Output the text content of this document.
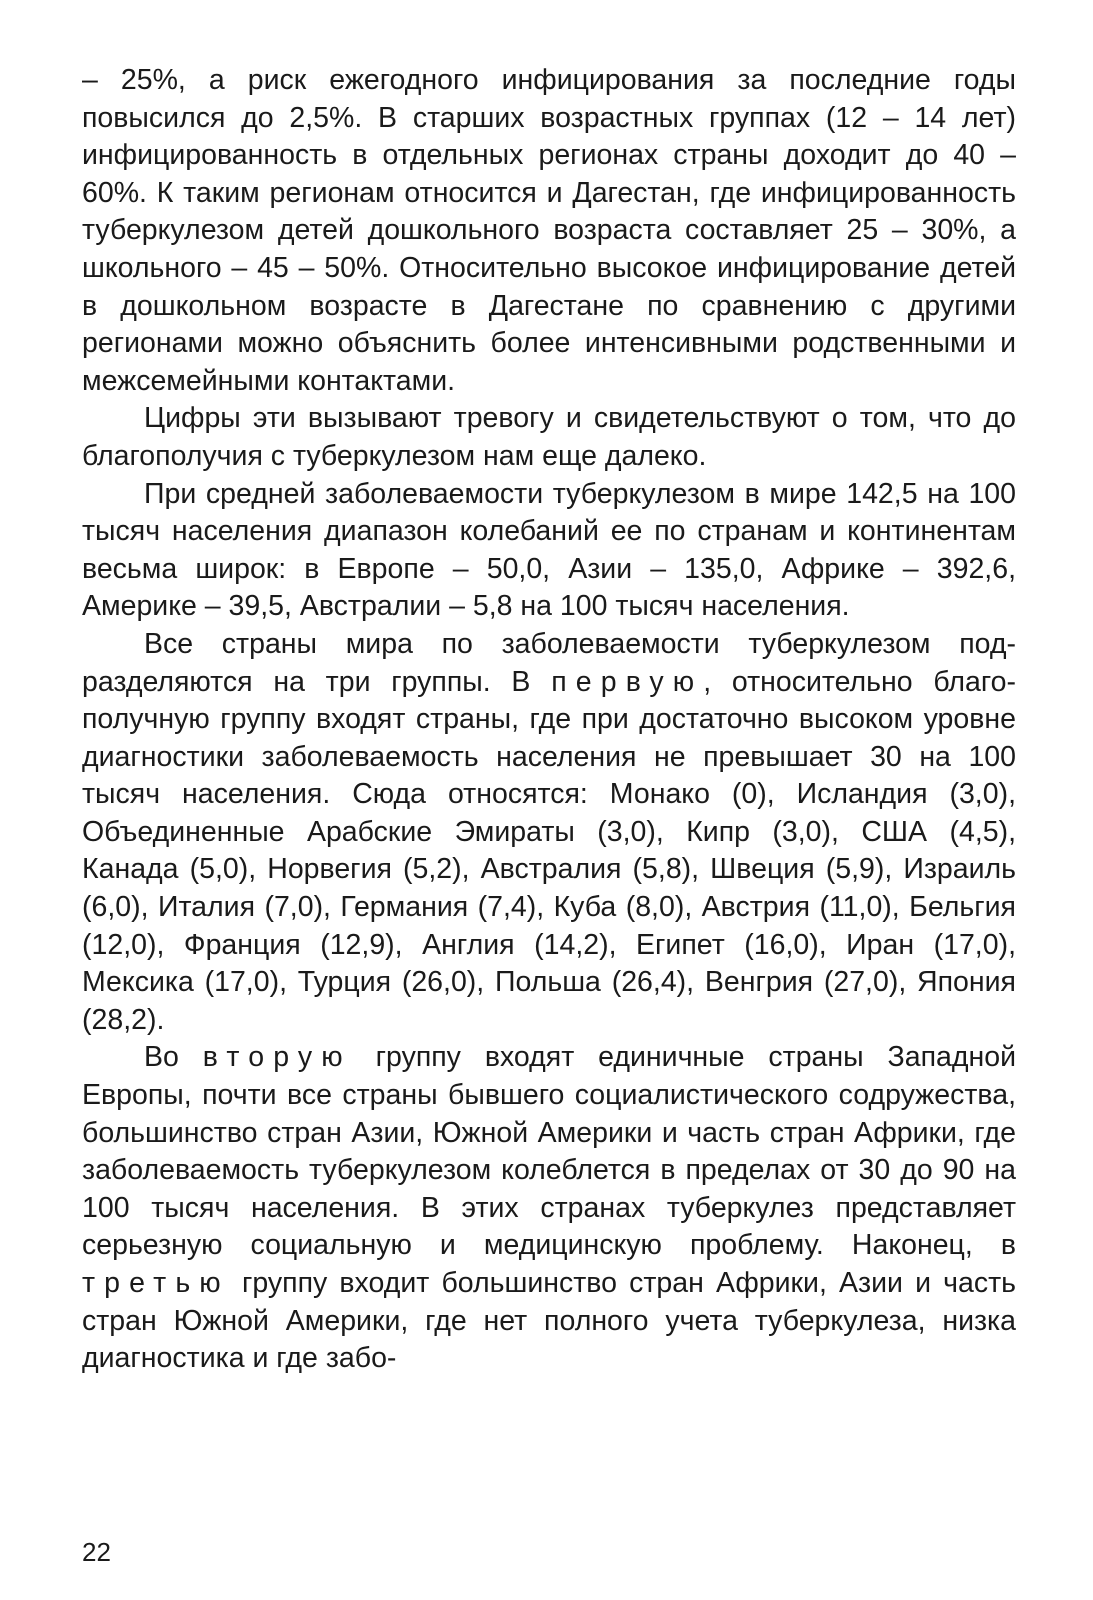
– 25%, а риск ежегодного инфицирования за последние годы повысился до 2,5%. В старших возрастных группах (12 – 14 лет) инфицированность в отдельных регионах страны доходит до 40 – 60%. К таким регионам относится и Дагестан, где инфицированность туберкулезом детей дошкольного возраста составляет 25 – 30%, а школьного – 45 – 50%. Относительно высокое инфицирование детей в дошкольном возрасте в Дагестане по сравнению с другими регионами можно объяснить более интенсивными родственными и межсемейными контактами.

Цифры эти вызывают тревогу и свидетельствуют о том, что до благополучия с туберкулезом нам еще далеко.

При средней заболеваемости туберкулезом в мире 142,5 на 100 тысяч населения диапазон колебаний ее по странам и континентам весьма широк: в Европе – 50,0, Азии – 135,0, Африке – 392,6, Америке – 39,5, Австралии – 5,8 на 100 тысяч населения.

Все страны мира по заболеваемости туберкулезом подразделяются на три группы. В первую, относительно благополучную группу входят страны, где при достаточно высоком уровне диагностики заболеваемость населения не превышает 30 на 100 тысяч населения. Сюда относятся: Монако (0), Исландия (3,0), Объединенные Арабские Эмираты (3,0), Кипр (3,0), США (4,5), Канада (5,0), Норвегия (5,2), Австралия (5,8), Швеция (5,9), Израиль (6,0), Италия (7,0), Германия (7,4), Куба (8,0), Австрия (11,0), Бельгия (12,0), Франция (12,9), Англия (14,2), Египет (16,0), Иран (17,0), Мексика (17,0), Турция (26,0), Польша (26,4), Венгрия (27,0), Япония (28,2).

Во вторую группу входят единичные страны Западной Европы, почти все страны бывшего социалистического содружества, большинство стран Азии, Южной Америки и часть стран Африки, где заболеваемость туберкулезом колеблется в пределах от 30 до 90 на 100 тысяч населения. В этих странах туберкулез представляет серьезную социальную и медицинскую проблему. Наконец, в третью группу входит большинство стран Африки, Азии и часть стран Южной Америки, где нет полного учета туберкулеза, низка диагностика и где забо-

22
